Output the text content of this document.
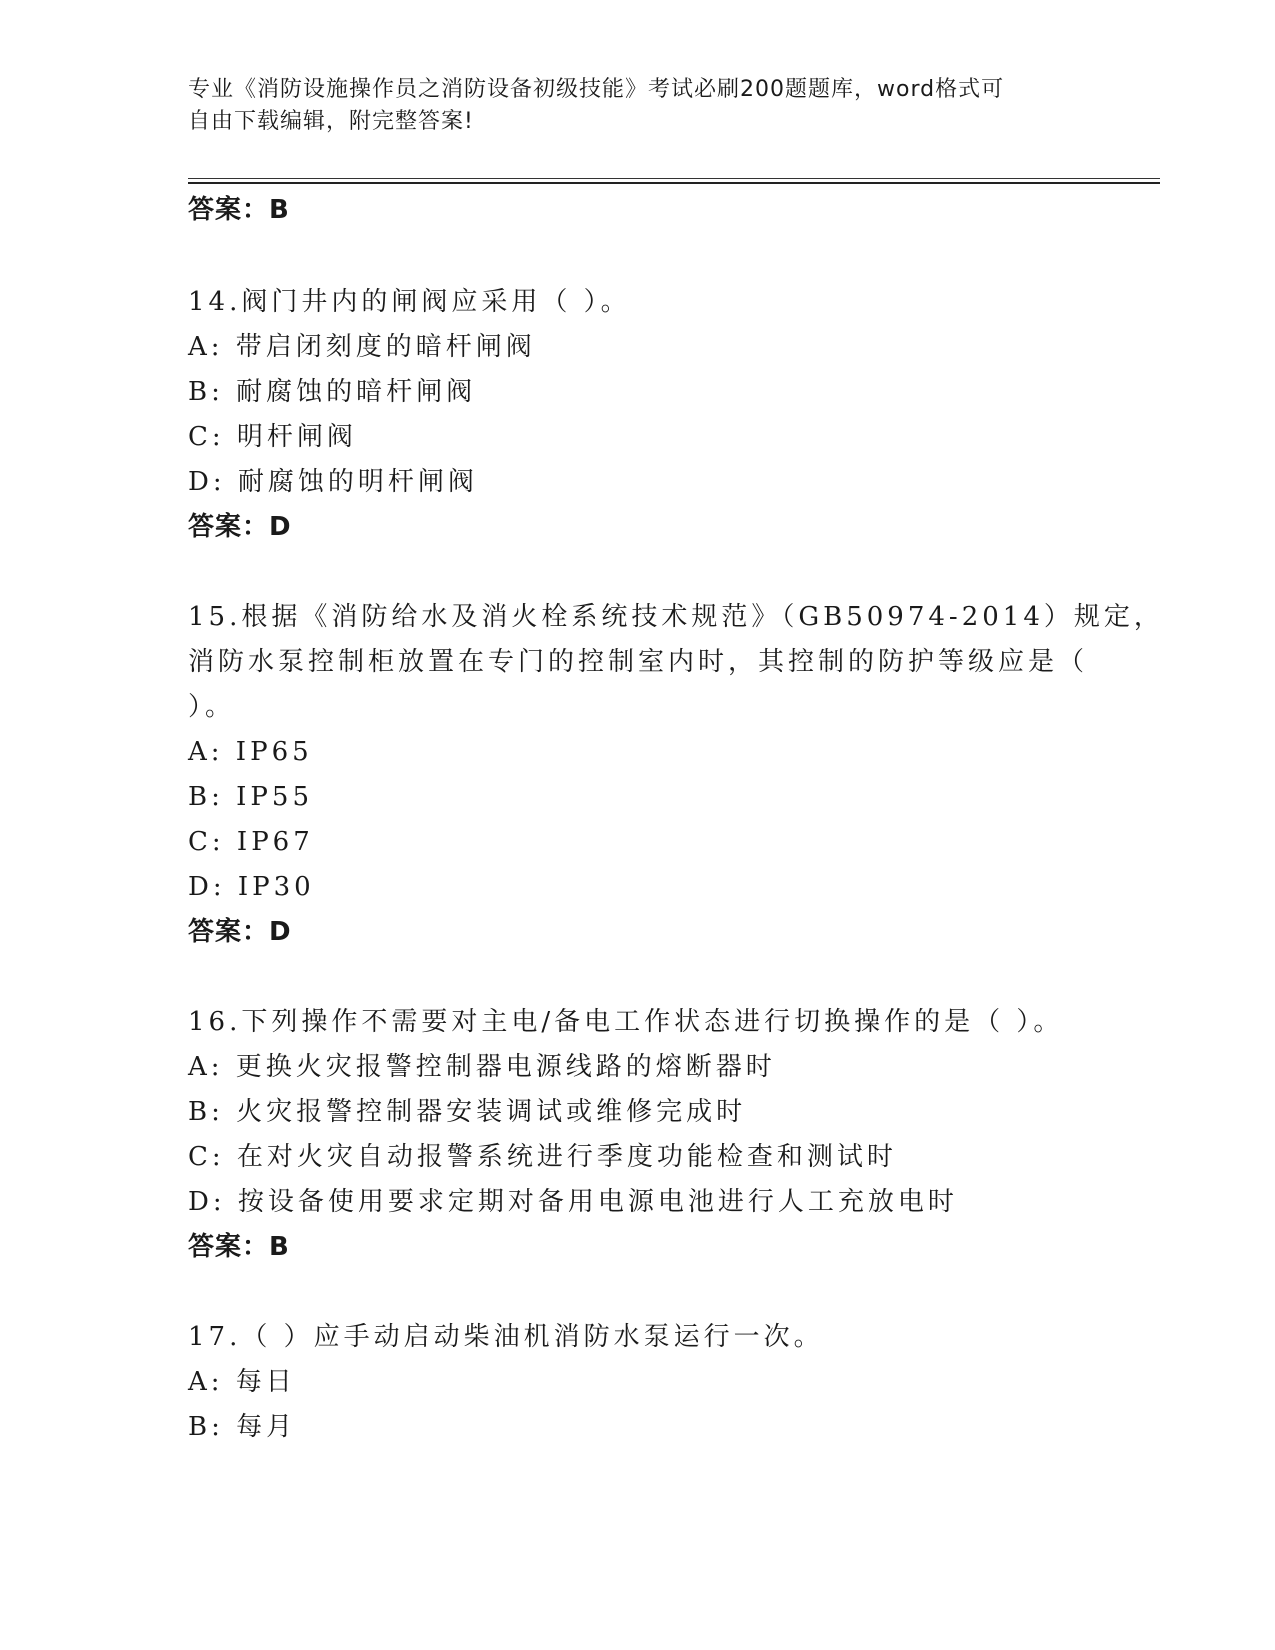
专业《消防设施操作员之消防设备初级技能》考试必刷200题题库，word格式可
自由下载编辑，附完整答案!
答案：B
14.阀门井内的闸阀应采用（ ）。
A: 带启闭刻度的暗杆闸阀
B: 耐腐蚀的暗杆闸阀
C: 明杆闸阀
D: 耐腐蚀的明杆闸阀
答案：D
15.根据《消防给水及消火栓系统技术规范》（GB50974-2014）规定，
消防水泵控制柜放置在专门的控制室内时，其控制的防护等级应是（
）。
A: IP65
B: IP55
C: IP67
D: IP30
答案：D
16.下列操作不需要对主电/备电工作状态进行切换操作的是（ ）。
A: 更换火灾报警控制器电源线路的熔断器时
B: 火灾报警控制器安装调试或维修完成时
C: 在对火灾自动报警系统进行季度功能检查和测试时
D: 按设备使用要求定期对备用电源电池进行人工充放电时
答案：B
17.（ ）应手动启动柴油机消防水泵运行一次。
A: 每日
B: 每月
